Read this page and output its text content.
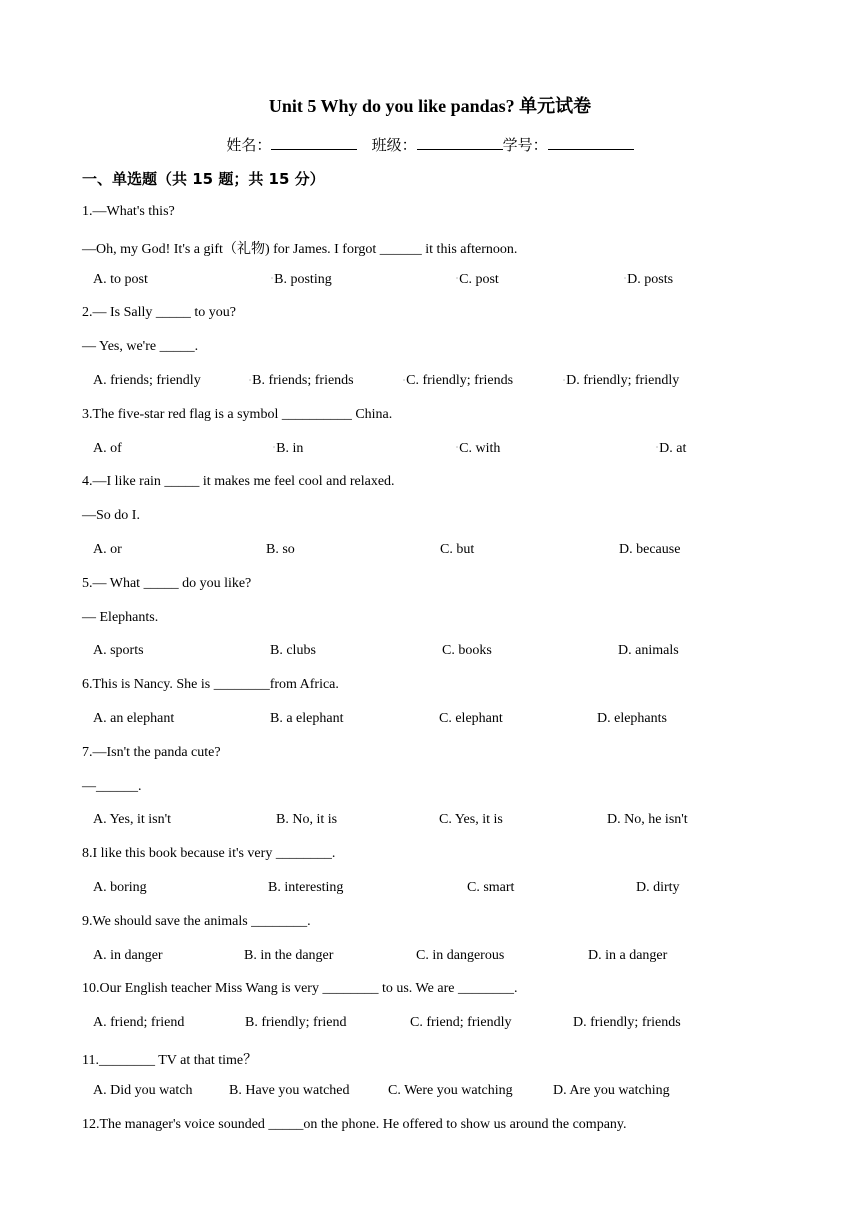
Unit 5 Why do you like pandas? 单元试卷
姓名：	班级：	学号：
一、单选题（共 15 题；共 15 分）
1.—What's this?
—Oh, my God! It's a gift（礼物) for James. I forgot ______ it this afternoon.
A. to post	▫B. posting	▫C. post	▫D. posts
2.— Is Sally _____ to you?
— Yes, we're _____.
A. friends; friendly	▫B. friends; friends	▫C. friendly; friends	▫D. friendly; friendly
3.The five-star red flag is a symbol __________ China.
A. of	▫B. in	▫C. with	▫D. at
4.—I like rain _____ it makes me feel cool and relaxed.
—So do I.
A. or	B. so	C. but	D. because
5.— What _____ do you like?
— Elephants.
A. sports	B. clubs	C. books	D. animals
6.This is Nancy. She is ________from Africa.
A. an elephant	B. a elephant	C. elephant	D. elephants
7.—Isn't the panda cute?
—______.
A. Yes, it isn't	B. No, it is	C. Yes, it is	D. No, he isn't
8.I like this book because it's very ________.
A. boring	B. interesting	C. smart	D. dirty
9.We should save the animals ________.
A. in danger	B. in the danger	C. in dangerous	D. in a danger
10.Our English teacher Miss Wang is very ________ to us. We are ________.
A. friend; friend	B. friendly; friend	C. friend; friendly	D. friendly; friends
11.________ TV at that time？
A. Did you watch	B. Have you watched	C. Were you watching	D. Are you watching
12.The manager's voice sounded _____on the phone. He offered to show us around the company.
